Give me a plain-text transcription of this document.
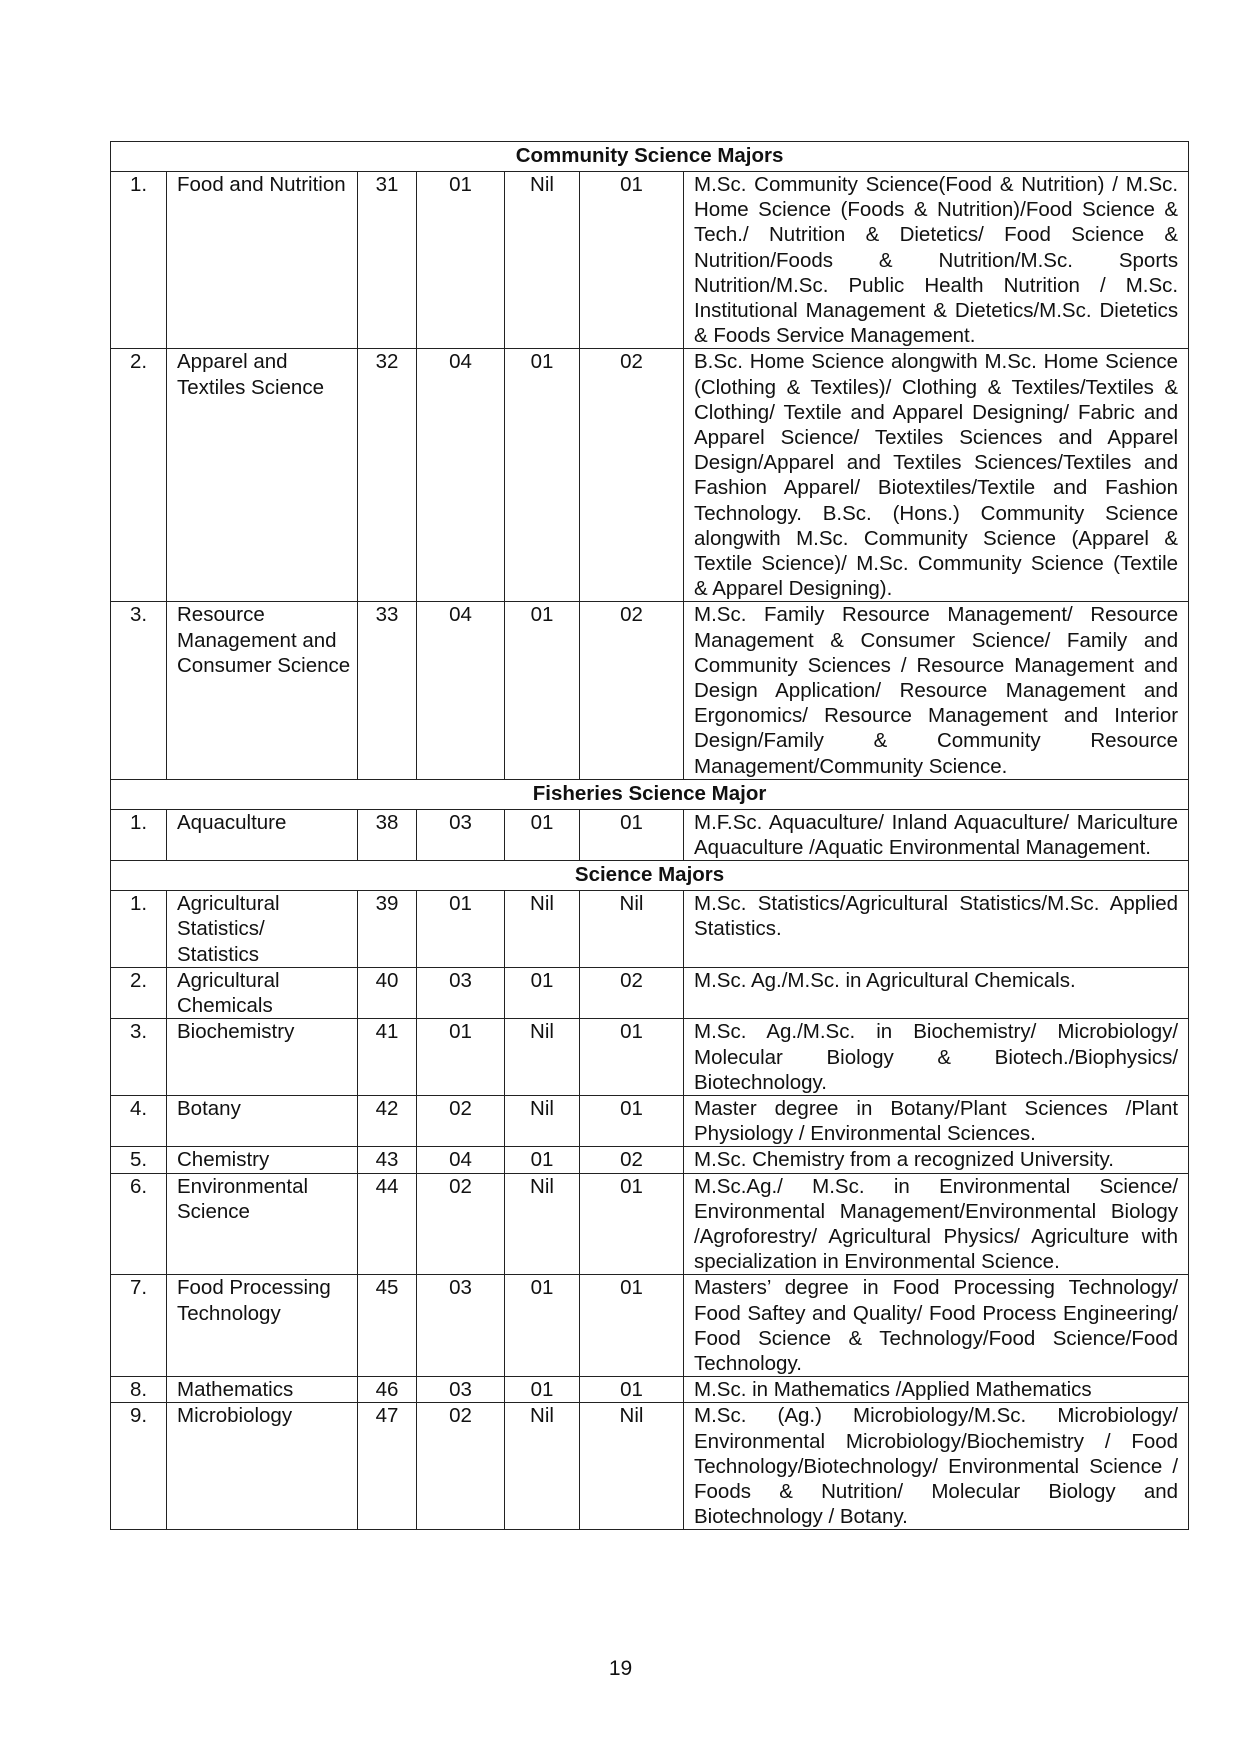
Community Science Majors						
1.	Food and Nutrition	31	01	Nil	01	M.Sc. Community Science(Food & Nutrition) / M.Sc. Home Science (Foods & Nutrition)/Food Science & Tech./ Nutrition & Dietetics/ Food Science & Nutrition/Foods & Nutrition/M.Sc. Sports Nutrition/M.Sc. Public Health Nutrition / M.Sc. Institutional Management & Dietetics/M.Sc. Dietetics & Foods Service Management.
2.	Apparel and Textiles Science	32	04	01	02	B.Sc. Home Science alongwith M.Sc. Home Science (Clothing & Textiles)/ Clothing & Textiles/Textiles & Clothing/ Textile and Apparel Designing/ Fabric and Apparel Science/ Textiles Sciences and Apparel Design/Apparel and Textiles Sciences/Textiles and Fashion Apparel/ Biotextiles/Textile and Fashion Technology. B.Sc. (Hons.) Community Science alongwith M.Sc. Community Science (Apparel & Textile Science)/ M.Sc. Community Science (Textile & Apparel Designing).
3.	Resource Management and Consumer Science	33	04	01	02	M.Sc. Family Resource Management/ Resource Management & Consumer Science/ Family and Community Sciences / Resource Management and Design Application/ Resource Management and Ergonomics/ Resource Management and Interior Design/Family & Community Resource Management/Community Science.
Fisheries Science Major						
1.	Aquaculture	38	03	01	01	M.F.Sc. Aquaculture/ Inland Aquaculture/ Mariculture Aquaculture /Aquatic Environmental Management.
Science Majors						
1.	Agricultural Statistics/ Statistics	39	01	Nil	Nil	M.Sc. Statistics/Agricultural Statistics/M.Sc. Applied Statistics.
2.	Agricultural Chemicals	40	03	01	02	M.Sc. Ag./M.Sc. in Agricultural Chemicals.
3.	Biochemistry	41	01	Nil	01	M.Sc. Ag./M.Sc. in Biochemistry/ Microbiology/ Molecular Biology & Biotech./Biophysics/ Biotechnology.
4.	Botany	42	02	Nil	01	Master degree in Botany/Plant Sciences /Plant Physiology / Environmental Sciences.
5.	Chemistry	43	04	01	02	M.Sc. Chemistry from a recognized University.
6.	Environmental Science	44	02	Nil	01	M.Sc.Ag./ M.Sc. in Environmental Science/ Environmental Management/Environmental Biology /Agroforestry/ Agricultural Physics/ Agriculture with specialization in Environmental Science.
7.	Food Processing Technology	45	03	01	01	Masters’ degree in Food Processing Technology/ Food Saftey and Quality/ Food Process Engineering/ Food Science & Technology/Food Science/Food Technology.
8.	Mathematics	46	03	01	01	M.Sc. in Mathematics /Applied Mathematics
9.	Microbiology	47	02	Nil	Nil	M.Sc. (Ag.) Microbiology/M.Sc. Microbiology/ Environmental Microbiology/Biochemistry / Food Technology/Biotechnology/ Environmental Science / Foods & Nutrition/ Molecular Biology and Biotechnology / Botany.
19
